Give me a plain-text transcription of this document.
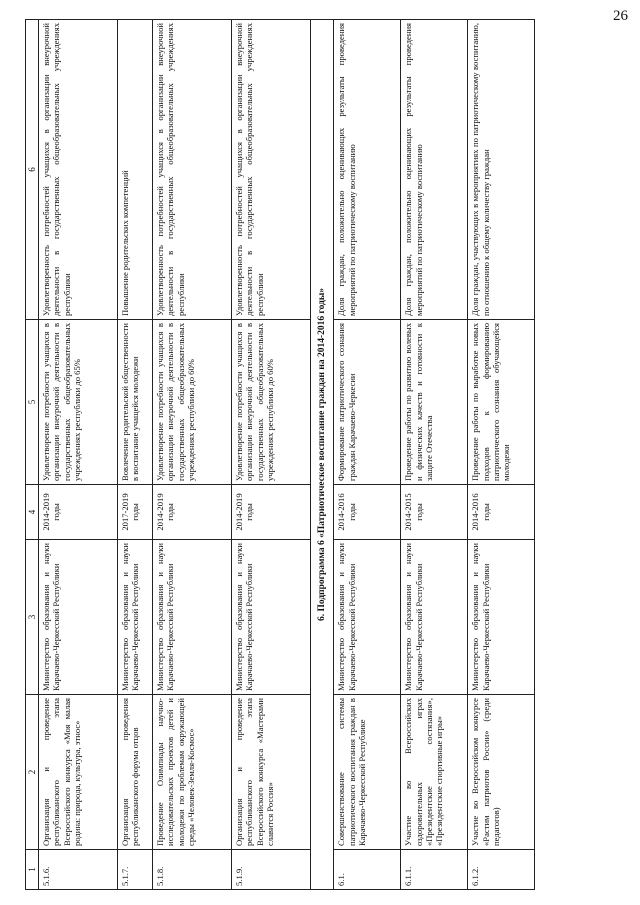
26
1	2	3	4	5	6
5.1.6.	Организация и проведение республиканского этапа Всероссийского конкурса «Моя малая родина: природа, культура, этнос»	Министерство образования и науки Карачаево-Черкесской Республики	2014-2019 годы	Удовлетворение потребности учащихся в организации внеурочной деятельности в государственных общеобразовательных учреждениях республики до 65%	Удовлетворенность потребностей учащихся в организации внеурочной деятельности в государственных общеобразовательных учреждениях республики
5.1.7.	Организация проведения республиканского форума отцов	Министерство образования и науки Карачаево-Черкесской Республики	2017-2019 годы	Вовлечение родительской общественности в воспитание учащейся молодежи	Повышение родительских компетенций
5.1.8.	Проведение Олимпиады научно-исследовательских проектов детей и молодежи по проблемам окружающей среды «Человек-Земля-Космос»	Министерство образования и науки Карачаево-Черкесской Республики	2014-2019 годы	Удовлетворение потребности учащихся в организации внеурочной деятельности в государственных общеобразовательных учреждениях республики до 60%	Удовлетворенность потребностей учащихся в организации внеурочной деятельности в государственных общеобразовательных учреждениях республики
5.1.9.	Организация и проведение республиканского этапа Всероссийского конкурса «Мастерами славится Россия»	Министерство образования и науки Карачаево-Черкесской Республики	2014-2019 годы	Удовлетворение потребности учащихся в организации внеурочной деятельности в государственных общеобразовательных учреждениях республики до 60%	Удовлетворенность потребностей учащихся в организации внеурочной деятельности в государственных общеобразовательных учреждениях республики
6. Подпрограмма 6 «Патриотическое воспитание граждан на 2014-2016 годы»					
6.1.	Совершенствование системы патриотического воспитания граждан в Карачаево-Черкесской Республике	Министерство образования и науки Карачаево-Черкесской Республики	2014-2016 годы	Формирование патриотического сознания граждан Карачаево-Черкесии	Доля граждан, положительно оценивающих результаты проведения мероприятий по патриотическому воспитанию
6.1.1.	Участие во Всероссийских оздоровительных играх «Президентские состязания», «Президентские спортивные игры»	Министерство образования и науки Карачаево-Черкесской Республики	2014-2015 годы	Проведение работы по развитию волевых и физических качеств и готовности к защите Отечества	Доля граждан, положительно оценивающих результаты проведения мероприятий по патриотическому воспитанию
6.1.2.	Участие во Всероссийском конкурсе «Растим патриотов России» (среди педагогов)	Министерство образования и науки Карачаево-Черкесской Республики	2014-2016 годы	Проведение работы по выработке новых подходов к формированию патриотического сознания обучающейся молодежи	Доля граждан, участвующих в мероприятиях по патриотическому воспитанию, по отношению к общему количеству граждан
